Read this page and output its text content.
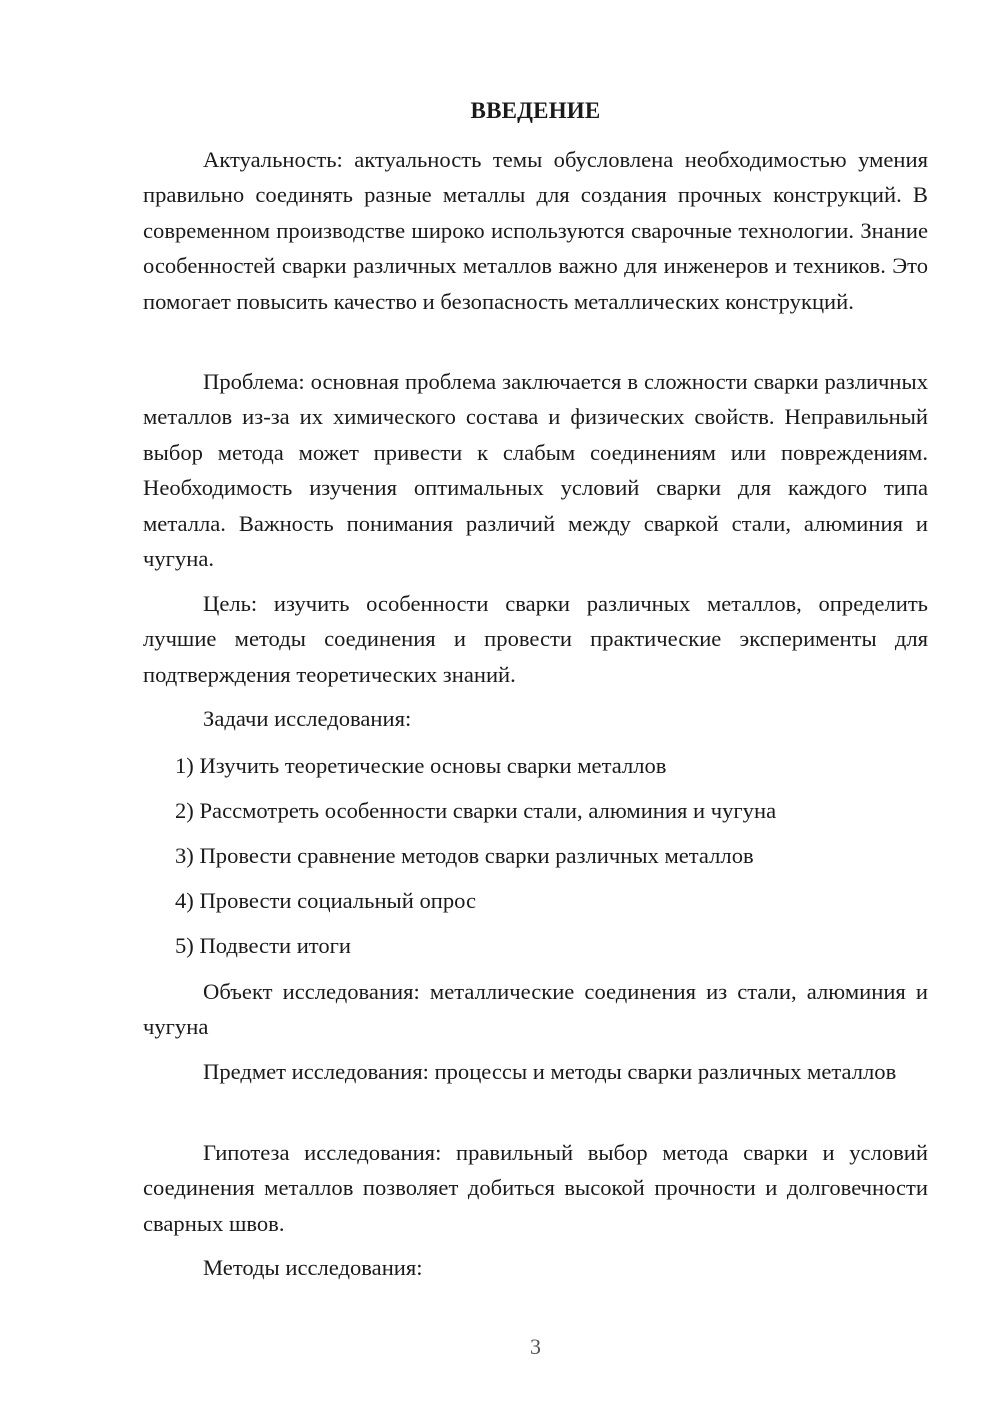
ВВЕДЕНИЕ

Актуальность: актуальность темы обусловлена необходимостью умения правильно соединять разные металлы для создания прочных конструкций. В современном производстве широко используются сварочные технологии. Знание особенностей сварки различных металлов важно для инженеров и техников. Это помогает повысить качество и безопасность металлических конструкций.

Проблема: основная проблема заключается в сложности сварки различных металлов из-за их химического состава и физических свойств. Неправильный выбор метода может привести к слабым соединениям или повреждениям. Необходимость изучения оптимальных условий сварки для каждого типа металла. Важность понимания различий между сваркой стали, алюминия и чугуна.

Цель: изучить особенности сварки различных металлов, определить лучшие методы соединения и провести практические эксперименты для подтверждения теоретических знаний.

Задачи исследования:

1) Изучить теоретические основы сварки металлов

2) Рассмотреть особенности сварки стали, алюминия и чугуна

3) Провести сравнение методов сварки различных металлов

4) Провести социальный опрос

5) Подвести итоги

Объект исследования: металлические соединения из стали, алюминия и чугуна

Предмет исследования: процессы и методы сварки различных металлов

Гипотеза исследования: правильный выбор метода сварки и условий соединения металлов позволяет добиться высокой прочности и долговечности сварных швов.

Методы исследования:

3
